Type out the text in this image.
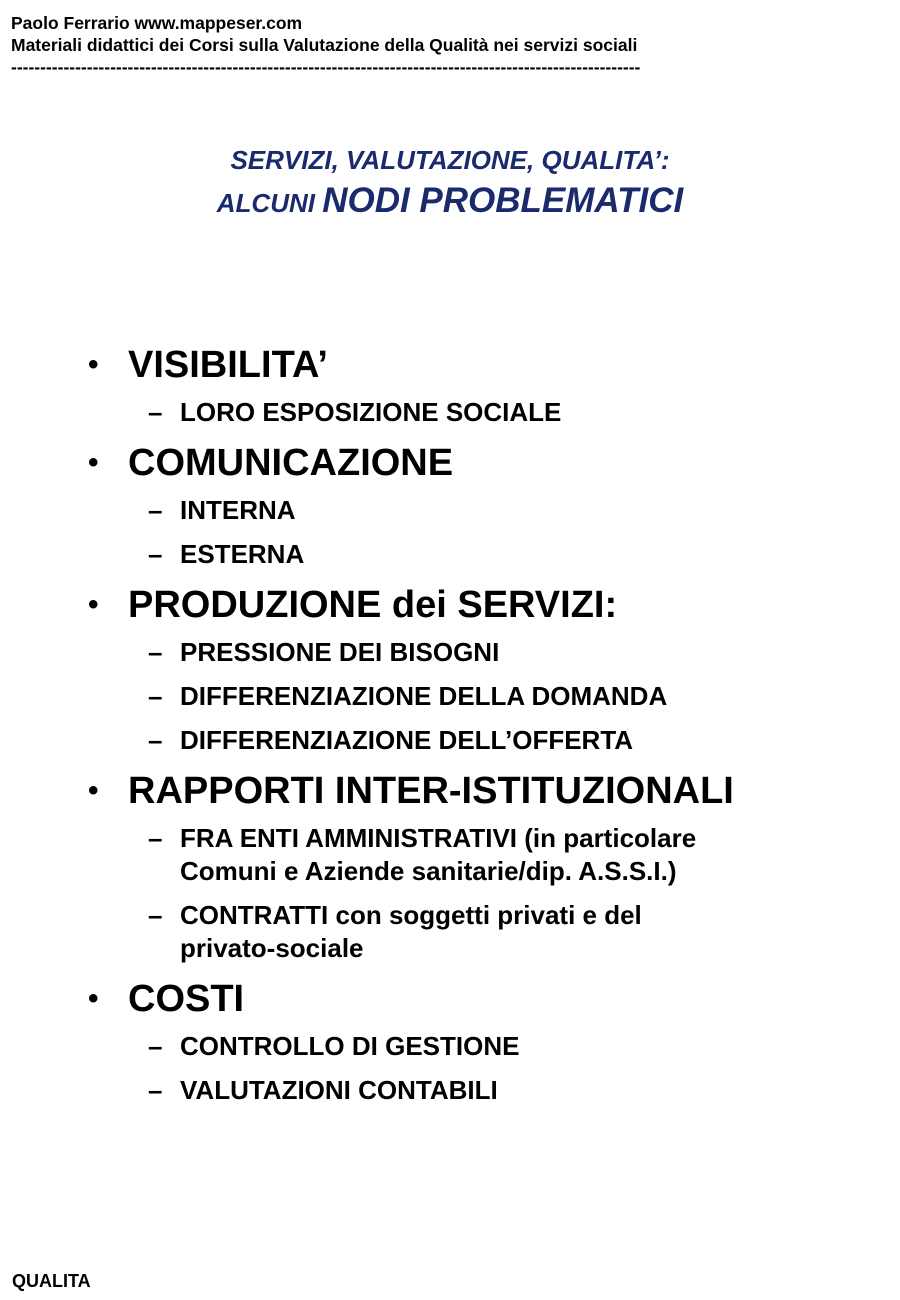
Paolo Ferrario www.mappeser.com
Materiali didattici dei Corsi sulla Valutazione della Qualità nei servizi sociali
------------------------------------------------------------------------------------------------------------
SERVIZI, VALUTAZIONE, QUALITA’:
ALCUNI NODI PROBLEMATICI
• VISIBILITA’
– LORO ESPOSIZIONE SOCIALE
• COMUNICAZIONE
– INTERNA
– ESTERNA
• PRODUZIONE dei SERVIZI:
– PRESSIONE DEI BISOGNI
– DIFFERENZIAZIONE DELLA DOMANDA
– DIFFERENZIAZIONE DELL’OFFERTA
• RAPPORTI INTER-ISTITUZIONALI
– FRA ENTI AMMINISTRATIVI (in particolare
Comuni e Aziende sanitarie/dip. A.S.S.I.)
– CONTRATTI con soggetti privati e del
privato-sociale
• COSTI
– CONTROLLO DI GESTIONE
– VALUTAZIONI CONTABILI
QUALITA
